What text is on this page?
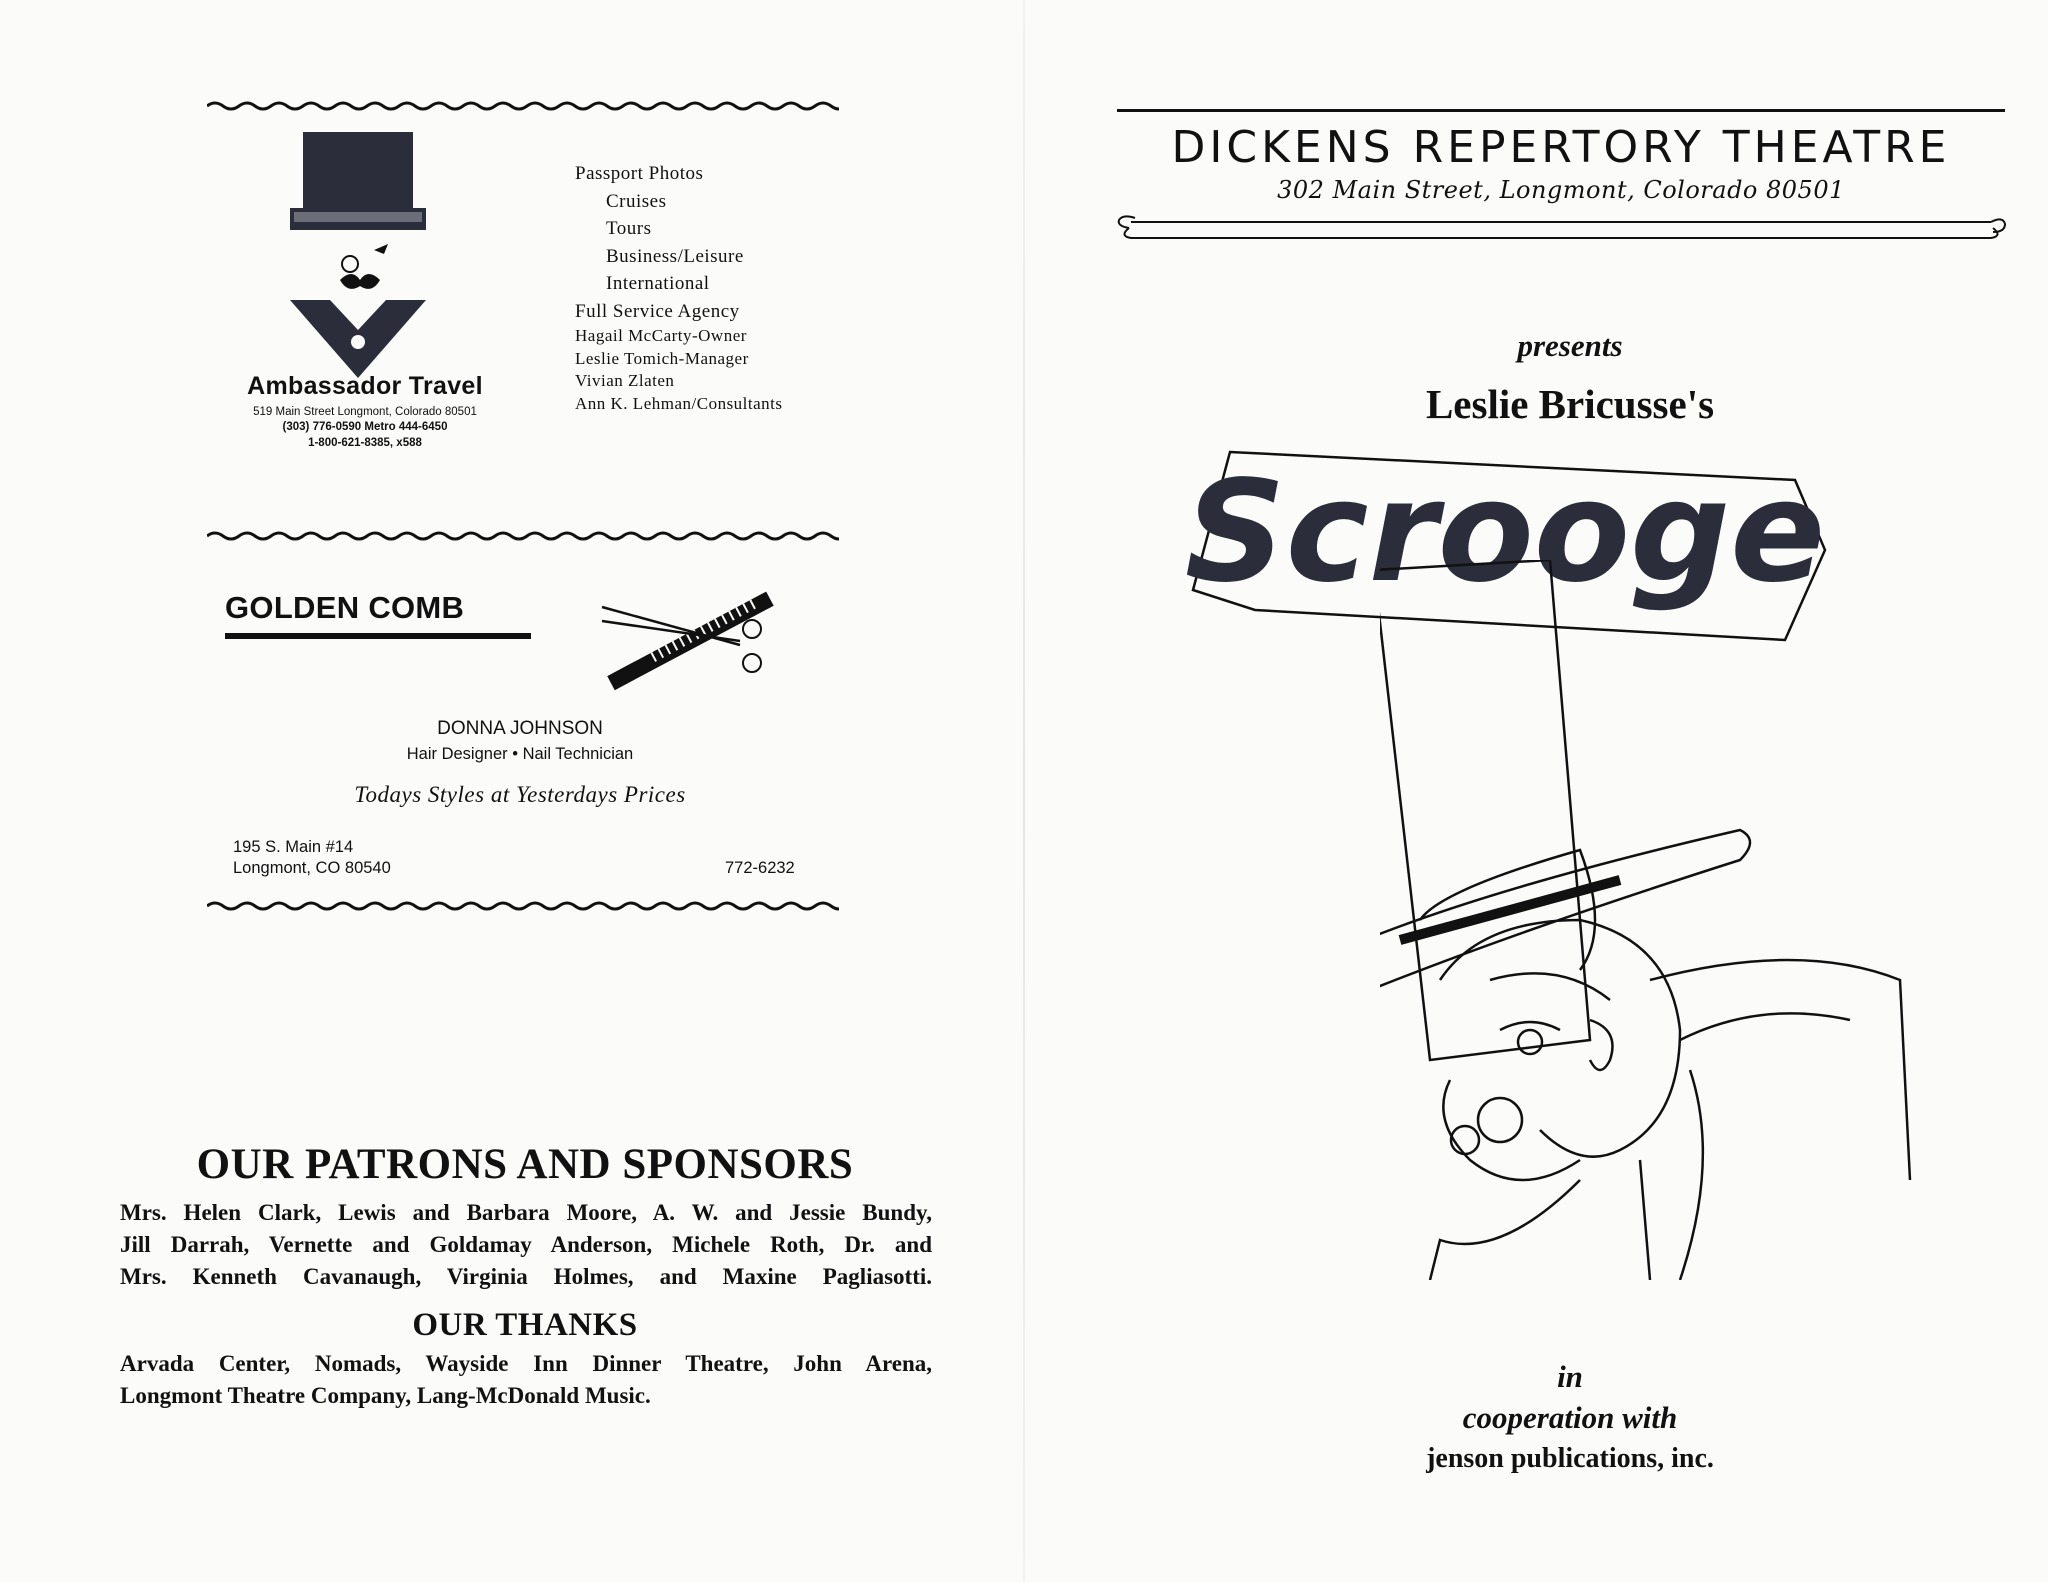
Ambassador Travel
519 Main Street Longmont, Colorado 80501
(303) 776-0590 Metro 444-6450
1-800-621-8385, x588
Passport Photos
Cruises
Tours
Business/Leisure
International
Full Service Agency
Hagail McCarty-Owner
Leslie Tomich-Manager
Vivian Zlaten
Ann K. Lehman/Consultants
GOLDEN COMB
DONNA JOHNSON
Hair Designer • Nail Technician
Todays Styles at Yesterdays Prices
195 S. Main #14
Longmont, CO 80540	772-6232
OUR PATRONS AND SPONSORS
Mrs. Helen Clark, Lewis and Barbara Moore, A. W. and Jessie Bundy,
Jill Darrah, Vernette and Goldamay Anderson, Michele Roth, Dr. and
Mrs. Kenneth Cavanaugh, Virginia Holmes, and Maxine Pagliasotti.
OUR THANKS
Arvada Center, Nomads, Wayside Inn Dinner Theatre, John Arena,
Longmont Theatre Company, Lang-McDonald Music.
DICKENS REPERTORY THEATRE
302 Main Street, Longmont, Colorado 80501
presents
Leslie Bricusse's
Scrooge
in
cooperation with
jenson publications, inc.
